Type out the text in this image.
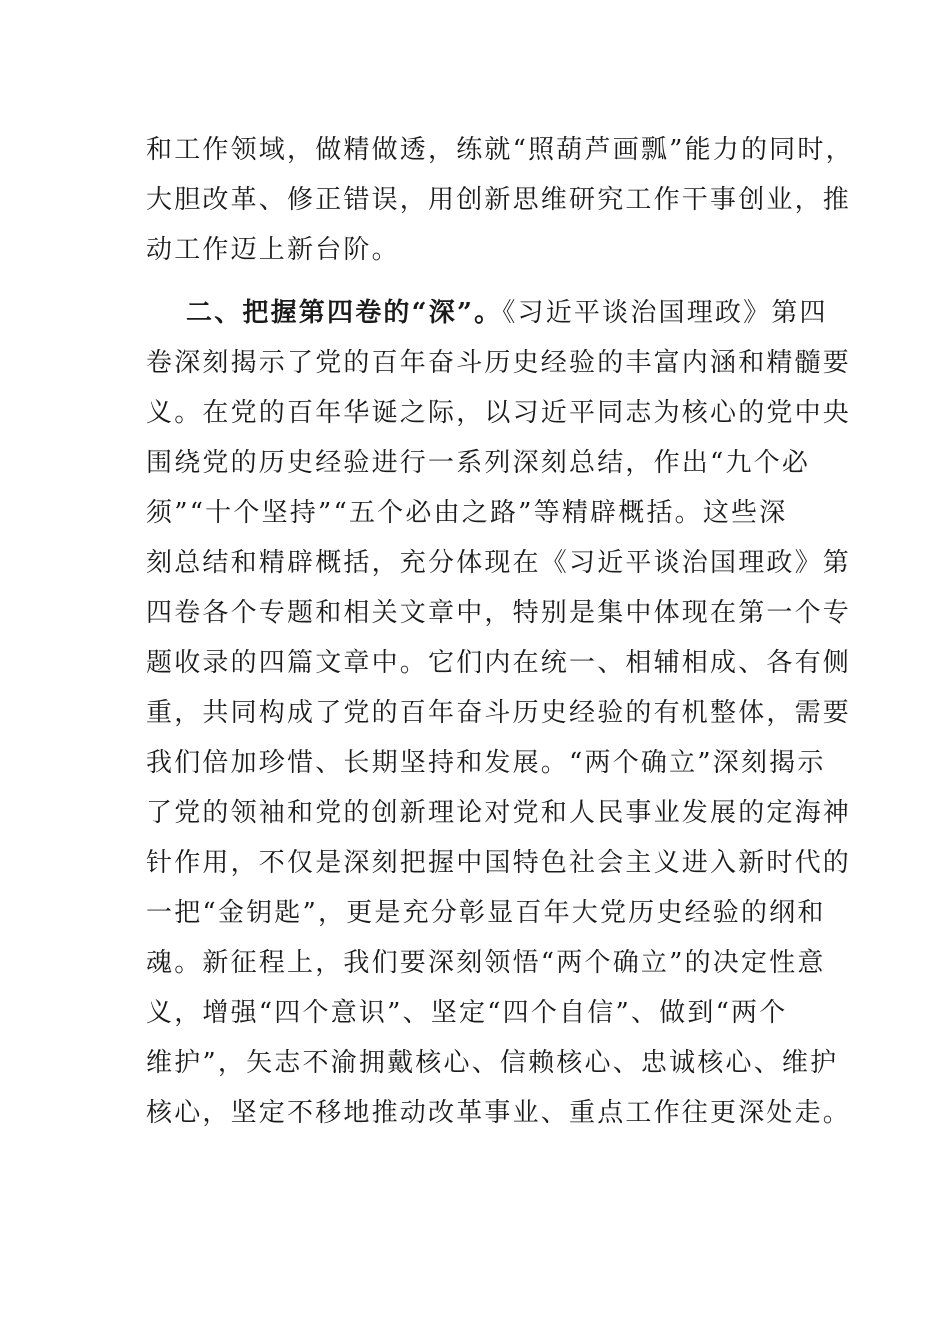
和工作领域，做精做透，练就“照葫芦画瓢”能力的同时，
大胆改革、修正错误，用创新思维研究工作干事创业，推
动工作迈上新台阶。
二、把握第四卷的“深”。《习近平谈治国理政》第四
卷深刻揭示了党的百年奋斗历史经验的丰富内涵和精髓要
义。在党的百年华诞之际，以习近平同志为核心的党中央
围绕党的历史经验进行一系列深刻总结，作出“九个必
须”“十个坚持”“五个必由之路”等精辟概括。这些深
刻总结和精辟概括，充分体现在《习近平谈治国理政》第
四卷各个专题和相关文章中，特别是集中体现在第一个专
题收录的四篇文章中。它们内在统一、相辅相成、各有侧
重，共同构成了党的百年奋斗历史经验的有机整体，需要
我们倍加珍惜、长期坚持和发展。“两个确立”深刻揭示
了党的领袖和党的创新理论对党和人民事业发展的定海神
针作用，不仅是深刻把握中国特色社会主义进入新时代的
一把“金钥匙”，更是充分彰显百年大党历史经验的纲和
魂。新征程上，我们要深刻领悟“两个确立”的决定性意
义，增强“四个意识”、坚定“四个自信”、做到“两个
维护”，矢志不渝拥戴核心、信赖核心、忠诚核心、维护
核心，坚定不移地推动改革事业、重点工作往更深处走。
